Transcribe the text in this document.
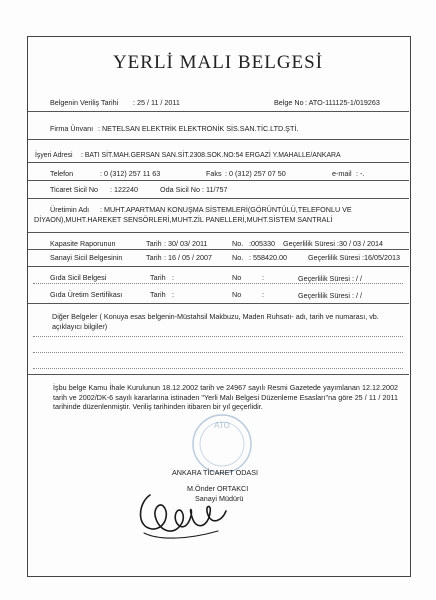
YERLİ MALI BELGESİ
Belgenin Veriliş Tarihi : 25 / 11 / 2011	Belge No : ATO-111125-1/019263
Firma Ünvanı : NETELSAN ELEKTRİK ELEKTRONİK SİS.SAN.TİC.LTD.ŞTİ.
İşyeri Adresi : BATI SİT.MAH.GERSAN SAN.SİT.2308.SOK.NO:54 ERGAZİ Y.MAHALLE/ANKARA
Telefon	: 0 (312) 257 11 63	Faks : 0 (312) 257 07 50	e-mail : -.
Ticaret Sicil No : 122240	Oda Sicil No : 11/757
Üretimin Adı	: MUHT.APARTMAN KONUŞMA SİSTEMLERİ(GÖRÜNTÜLÜ,TELEFONLU VE DİYAON),MUHT.HAREKET SENSÖRLERİ,MUHT.ZİL PANELLERİ,MUHT.SİSTEM SANTRALİ
Kapasite Raporunun	Tarih : 30/ 03/ 2011	No. :005330 Geçerlilik Süresi :30 / 03 / 2014
Sanayi Sicil Belgesinin	Tarih : 16 / 05 / 2007	No. : 558420.00	Geçerlilik Süresi :16/05/2013
Gıda Sicil Belgesi	Tarih :	No	:	Geçerlilik Süresi : / /
Gıda Üretim Sertifikası	Tarih :	No	:	Geçerlilik Süresi : / /
Diğer Belgeler ( Konuya esas belgenin-Müstahsil Makbuzu, Maden Ruhsatı- adı, tarih ve numarası, vb. açıklayıcı bilgiler)
İşbu belge Kamu İhale Kurulunun 18.12.2002 tarih ve 24967 sayılı Resmi Gazetede yayımlanan 12.12.2002 tarih ve 2002/DK-6 sayılı kararlarına istinaden "Yerli Malı Belgesi Düzenleme Esasları"na göre 25 / 11 / 2011 tarihinde düzenlenmiştir. Veriliş tarihinden itibaren bir yıl geçerlidir.
ATO
ANKARA TİCARET ODASI
M.Önder ORTAKCI
Sanayi Müdürü
